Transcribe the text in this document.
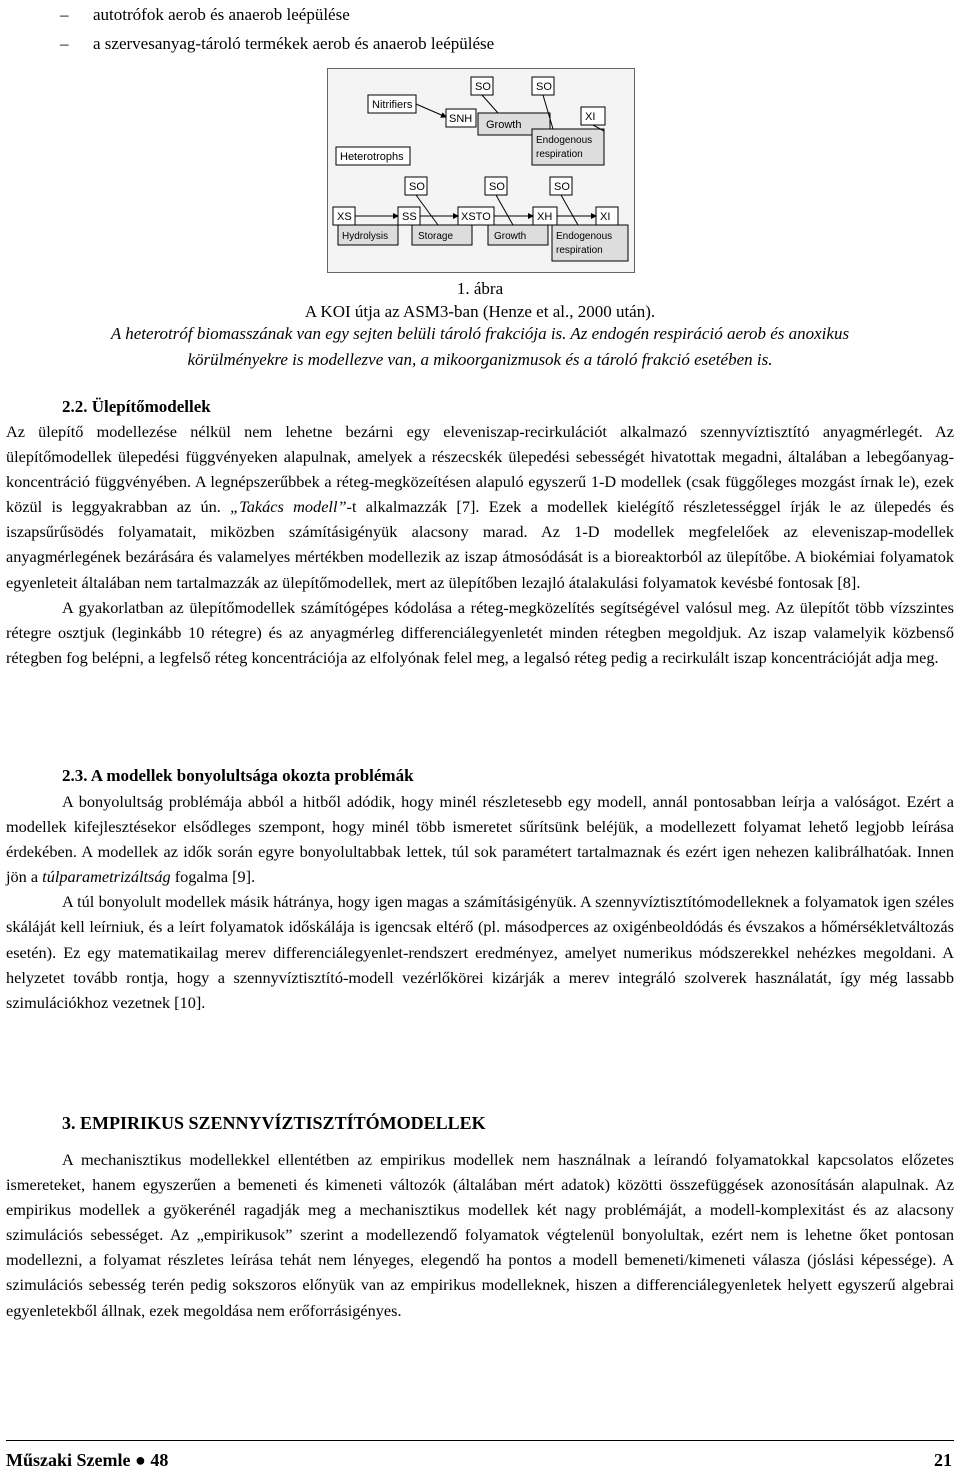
– autotrófok aerob és anaerob leépülése
– a szervesanyag-tároló termékek aerob és anaerob leépülése
Nitrifiers
Heterotrophs
SO	SO
SNH	XI
Growth
Endogenous
respiration
SO	SO	SO
XS	SS	XSTO	XH	XI
Hydrolysis	Storage	Growth	Endogenous
respiration
1. ábra
A KOI útja az ASM3-ban (Henze et al., 2000 után).
A heterotróf biomasszának van egy sejten belüli tároló frakciója is. Az endogén respiráció aerob és anoxikus
körülményekre is modellezve van, a mikoorganizmusok és a tároló frakció esetében is.
2.2. Ülepítőmodellek

Az ülepítő modellezése nélkül nem lehetne bezárni egy eleveniszap-recirkulációt alkalmazó szennyvíztisztító anyagmérlegét. Az ülepítőmodellek ülepedési függvényeken alapulnak, amelyek a részecskék ülepedési sebességét hivatottak megadni, általában a lebegőanyag-koncentráció függvényében. A legnépszerűbbek a réteg-megközeítésen alapuló egyszerű 1-D modellek (csak függőleges mozgást írnak le), ezek közül is leggyakrabban az ún. „Takács modell”-t alkalmazzák [7]. Ezek a modellek kielégítő részletességgel írják le az ülepedés és iszapsűrűsödés folyamatait, miközben számításigényük alacsony marad. Az 1-D modellek megfelelőek az eleveniszap-modellek anyagmérlegének bezárására és valamelyes mértékben modellezik az iszap átmosódását is a bioreaktorból az ülepítőbe. A biokémiai folyamatok egyenleteit általában nem tartalmazzák az ülepítőmodellek, mert az ülepítőben lezajló átalakulási folyamatok kevésbé fontosak [8].

A gyakorlatban az ülepítőmodellek számítógépes kódolása a réteg-megközelítés segítségével valósul meg. Az ülepítőt több vízszintes rétegre osztjuk (leginkább 10 rétegre) és az anyagmérleg differenciálegyenletét minden rétegben megoldjuk. Az iszap valamelyik közbenső rétegben fog belépni, a legfelső réteg koncentrációja az elfolyónak felel meg, a legalsó réteg pedig a recirkulált iszap koncentrációját adja meg.

2.3. A modellek bonyolultsága okozta problémák

A bonyolultság problémája abból a hitből adódik, hogy minél részletesebb egy modell, annál pontosabban leírja a valóságot. Ezért a modellek kifejlesztésekor elsődleges szempont, hogy minél több ismeretet sűrítsünk beléjük, a modellezett folyamat lehető legjobb leírása érdekében. A modellek az idők során egyre bonyolultabbak lettek, túl sok paramétert tartalmaznak és ezért igen nehezen kalibrálhatóak. Innen jön a túlparametrizáltság fogalma [9].

A túl bonyolult modellek másik hátránya, hogy igen magas a számításigényük. A szennyvíztisztítómodelleknek a folyamatok igen széles skáláját kell leírniuk, és a leírt folyamatok időskálája is igencsak eltérő (pl. másodperces az oxigénbeoldódás és évszakos a hőmérsékletváltozás esetén). Ez egy matematikailag merev differenciálegyenlet-rendszert eredményez, amelyet numerikus módszerekkel nehézkes megoldani. A helyzetet tovább rontja, hogy a szennyvíztisztító-modell vezérlőkörei kizárják a merev integráló szolverek használatát, így még lassabb szimulációkhoz vezetnek [10].

3. EMPIRIKUS SZENNYVÍZTISZTÍTÓMODELLEK

A mechanisztikus modellekkel ellentétben az empirikus modellek nem használnak a leírandó folyamatokkal kapcsolatos előzetes ismereteket, hanem egyszerűen a bemeneti és kimeneti változók (általában mért adatok) közötti összefüggések azonosításán alapulnak. Az empirikus modellek a gyökerénél ragadják meg a mechanisztikus modellek két nagy problémáját, a modell-komplexitást és az alacsony szimulációs sebességet. Az „empirikusok” szerint a modellezendő folyamatok végtelenül bonyolultak, ezért nem is lehetne őket pontosan modellezni, a folyamat részletes leírása tehát nem lényeges, elegendő ha pontos a modell bemeneti/kimeneti válasza (jóslási képessége). A szimulációs sebesség terén pedig sokszoros előnyük van az empirikus modelleknek, hiszen a differenciálegyenletek helyett egyszerű algebrai egyenletekből állnak, ezek megoldása nem erőforrásigényes.

Műszaki Szemle ● 48	21
